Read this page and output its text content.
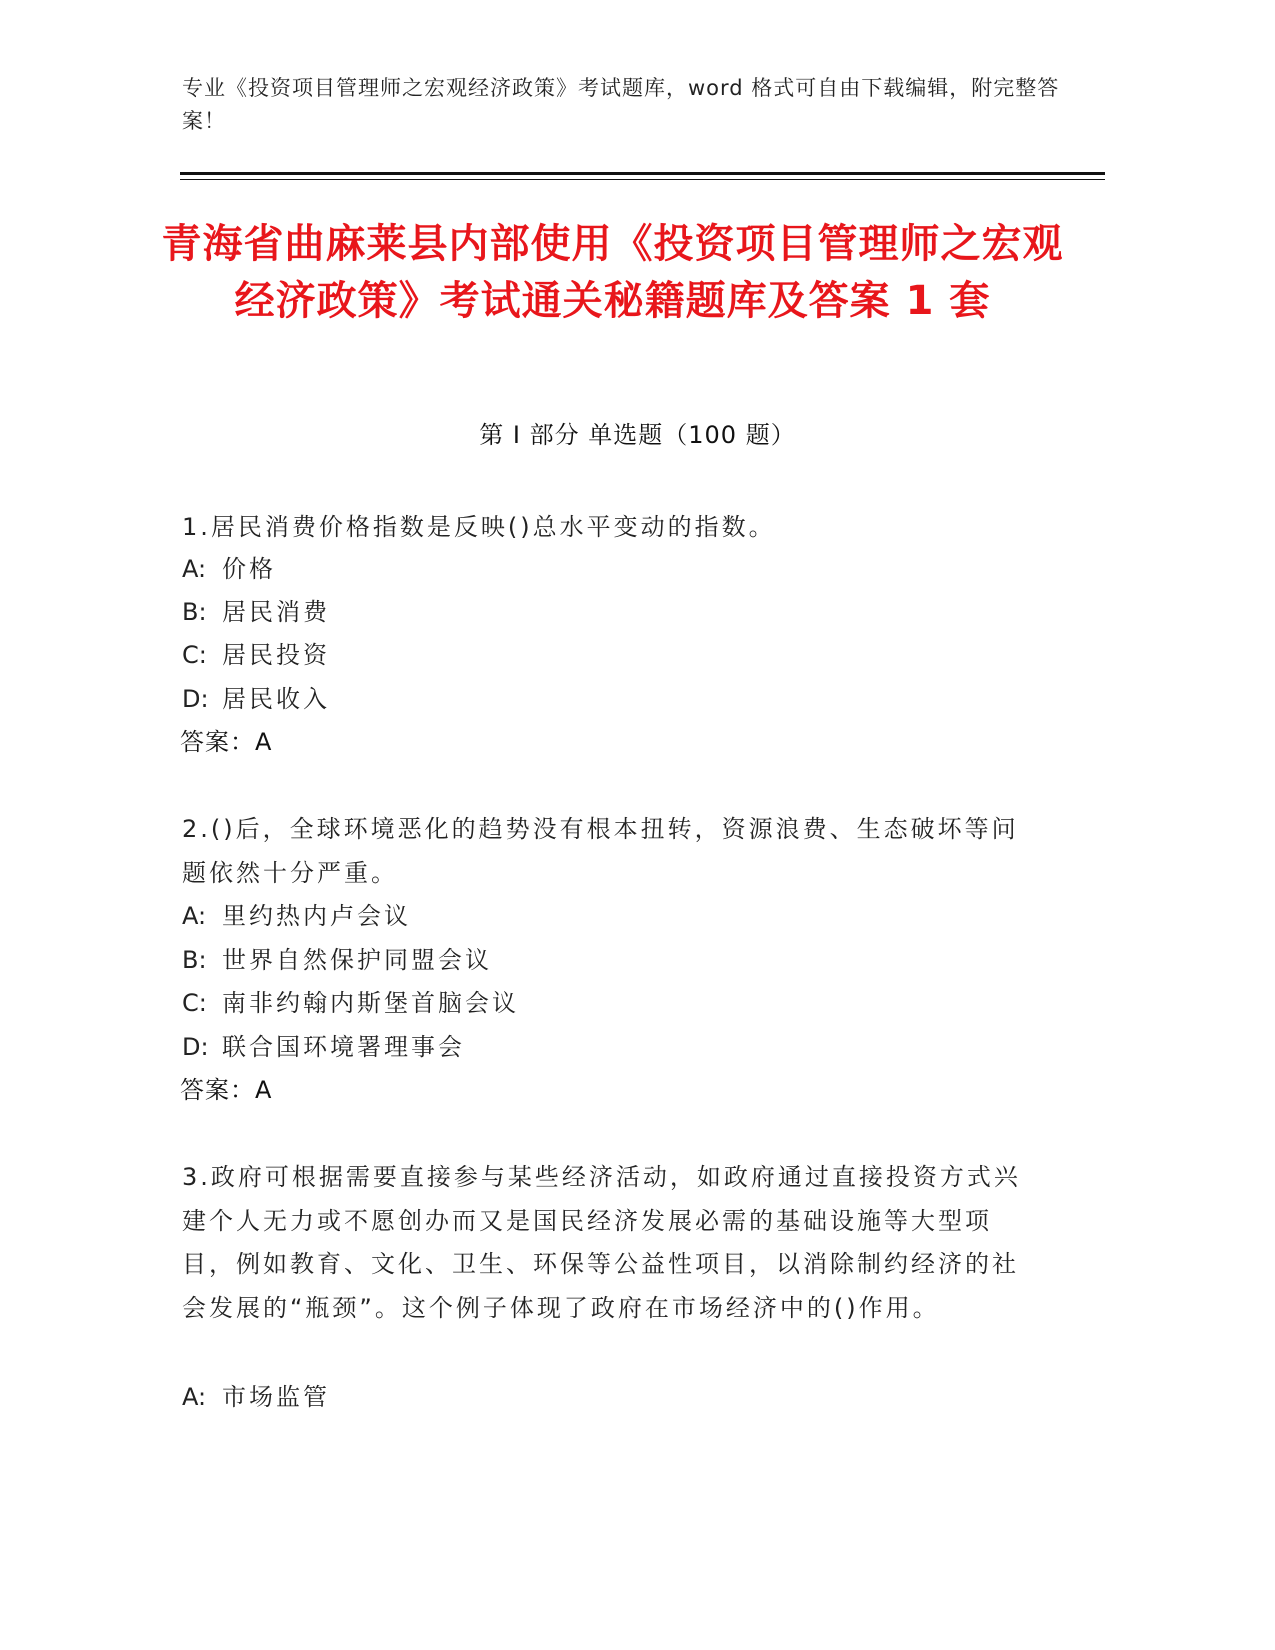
专业《投资项目管理师之宏观经济政策》考试题库，word 格式可自由下载编辑，附完整答案！
青海省曲麻莱县内部使用《投资项目管理师之宏观经济政策》考试通关秘籍题库及答案 1 套
第 I 部分 单选题（100 题）
1.居民消费价格指数是反映()总水平变动的指数。
A: 价格
B: 居民消费
C: 居民投资
D: 居民收入
答案：A
2.()后，全球环境恶化的趋势没有根本扭转，资源浪费、生态破坏等问题依然十分严重。
A: 里约热内卢会议
B: 世界自然保护同盟会议
C: 南非约翰内斯堡首脑会议
D: 联合国环境署理事会
答案：A
3.政府可根据需要直接参与某些经济活动，如政府通过直接投资方式兴建个人无力或不愿创办而又是国民经济发展必需的基础设施等大型项目，例如教育、文化、卫生、环保等公益性项目，以消除制约经济的社会发展的“瓶颈”。这个例子体现了政府在市场经济中的()作用。
A: 市场监管
